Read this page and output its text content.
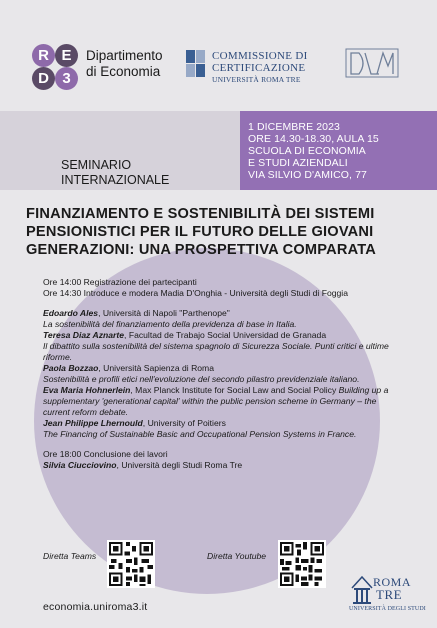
R E
D 3
Dipartimento
di Economia
COMMISSIONE DI
CERTIFICAZIONE
UNIVERSITÀ ROMA TRE
1 DICEMBRE 2023
ORE 14.30-18.30, AULA 15
SCUOLA DI ECONOMIA
E STUDI AZIENDALI
VIA SILVIO D'AMICO, 77
SEMINARIO
INTERNAZIONALE
FINANZIAMENTO E SOSTENIBILITÀ DEI SISTEMI
PENSIONISTICI PER IL FUTURO DELLE GIOVANI
GENERAZIONI: UNA PROSPETTIVA COMPARATA

Ore 14:00 Registrazione dei partecipanti

Ore 14:30 Introduce e modera Madia D'Onghia - Università degli Studi di Foggia

Edoardo Ales, Università di Napoli "Parthenope"

La sostenibilità del finanziamento della previdenza di base in Italia.

Teresa Diaz Aznarte, Facultad de Trabajo Social Universidad de Granada

Il dibattito sulla sostenibilità del sistema spagnolo di Sicurezza Sociale. Punti critici e ultime riforme.

Paola Bozzao, Università Sapienza di Roma

Sostenibilità e profili etici nell'evoluzione del secondo pilastro previdenziale italiano.

Eva Maria Hohnerlein, Max Planck Institute for Social Law and Social Policy Building up a supplementary 'generational capital' within the public pension scheme in Germany – the current reform debate.

Jean Philippe Lhernould, University of Poitiers

The Financing of Sustainable Basic and Occupational Pension Systems in France.

Ore 18:00 Conclusione dei lavori

Silvia Ciucciovino, Università degli Studi Roma Tre

Diretta Teams	Diretta Youtube
economia.uniroma3.it
ROMA
TRE
UNIVERSITÀ DEGLI STUDI
